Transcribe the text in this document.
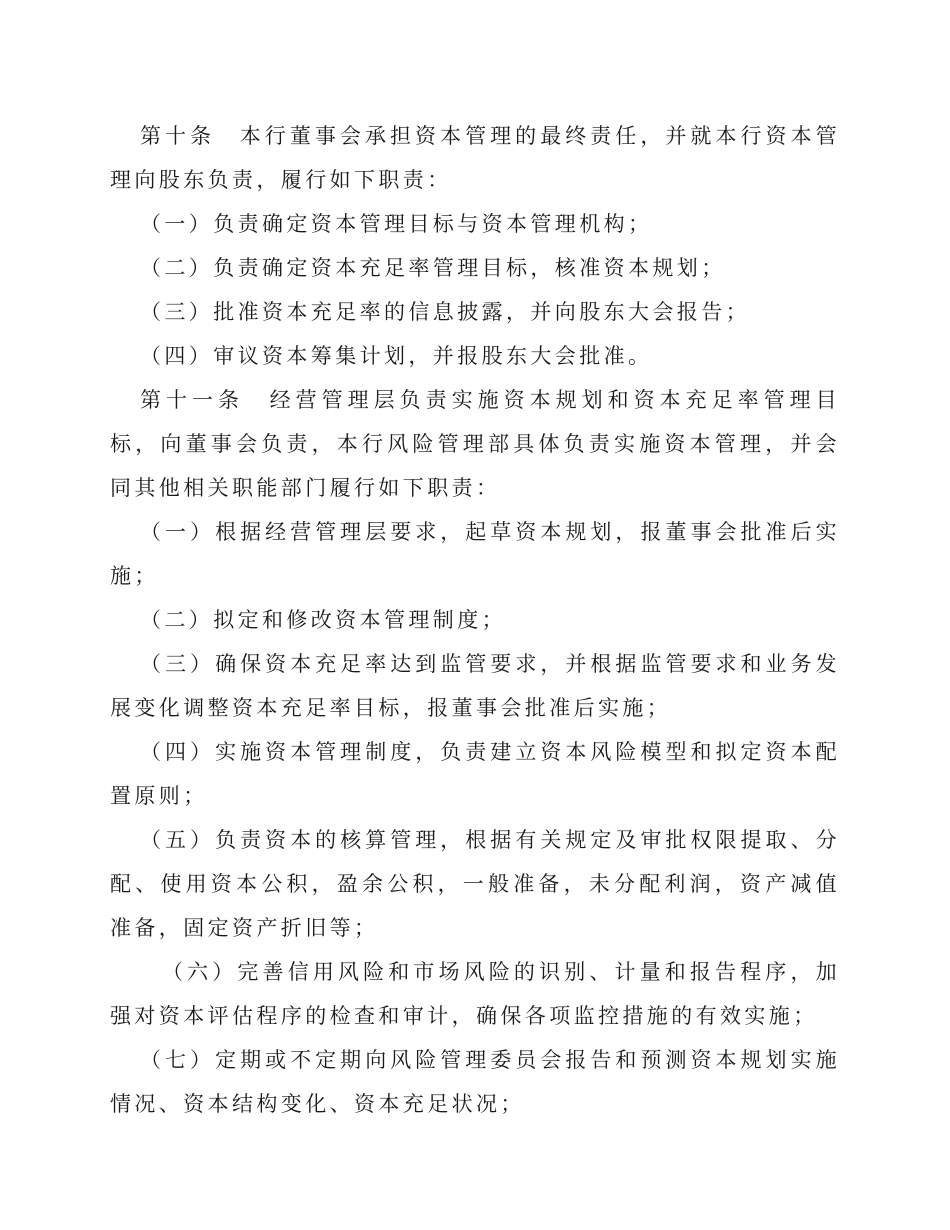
第十条 本行董事会承担资本管理的最终责任，并就本行资本管理向股东负责，履行如下职责：

（一）负责确定资本管理目标与资本管理机构；

（二）负责确定资本充足率管理目标，核准资本规划；

（三）批准资本充足率的信息披露，并向股东大会报告；

（四）审议资本筹集计划，并报股东大会批准。

第十一条 经营管理层负责实施资本规划和资本充足率管理目标，向董事会负责，本行风险管理部具体负责实施资本管理，并会同其他相关职能部门履行如下职责：

（一）根据经营管理层要求，起草资本规划，报董事会批准后实施；

（二）拟定和修改资本管理制度；

（三）确保资本充足率达到监管要求，并根据监管要求和业务发展变化调整资本充足率目标，报董事会批准后实施；

（四）实施资本管理制度，负责建立资本风险模型和拟定资本配置原则；

（五）负责资本的核算管理，根据有关规定及审批权限提取、分配、使用资本公积，盈余公积，一般准备，未分配利润，资产减值准备，固定资产折旧等；

（六）完善信用风险和市场风险的识别、计量和报告程序，加强对资本评估程序的检查和审计，确保各项监控措施的有效实施；

（七）定期或不定期向风险管理委员会报告和预测资本规划实施情况、资本结构变化、资本充足状况；
